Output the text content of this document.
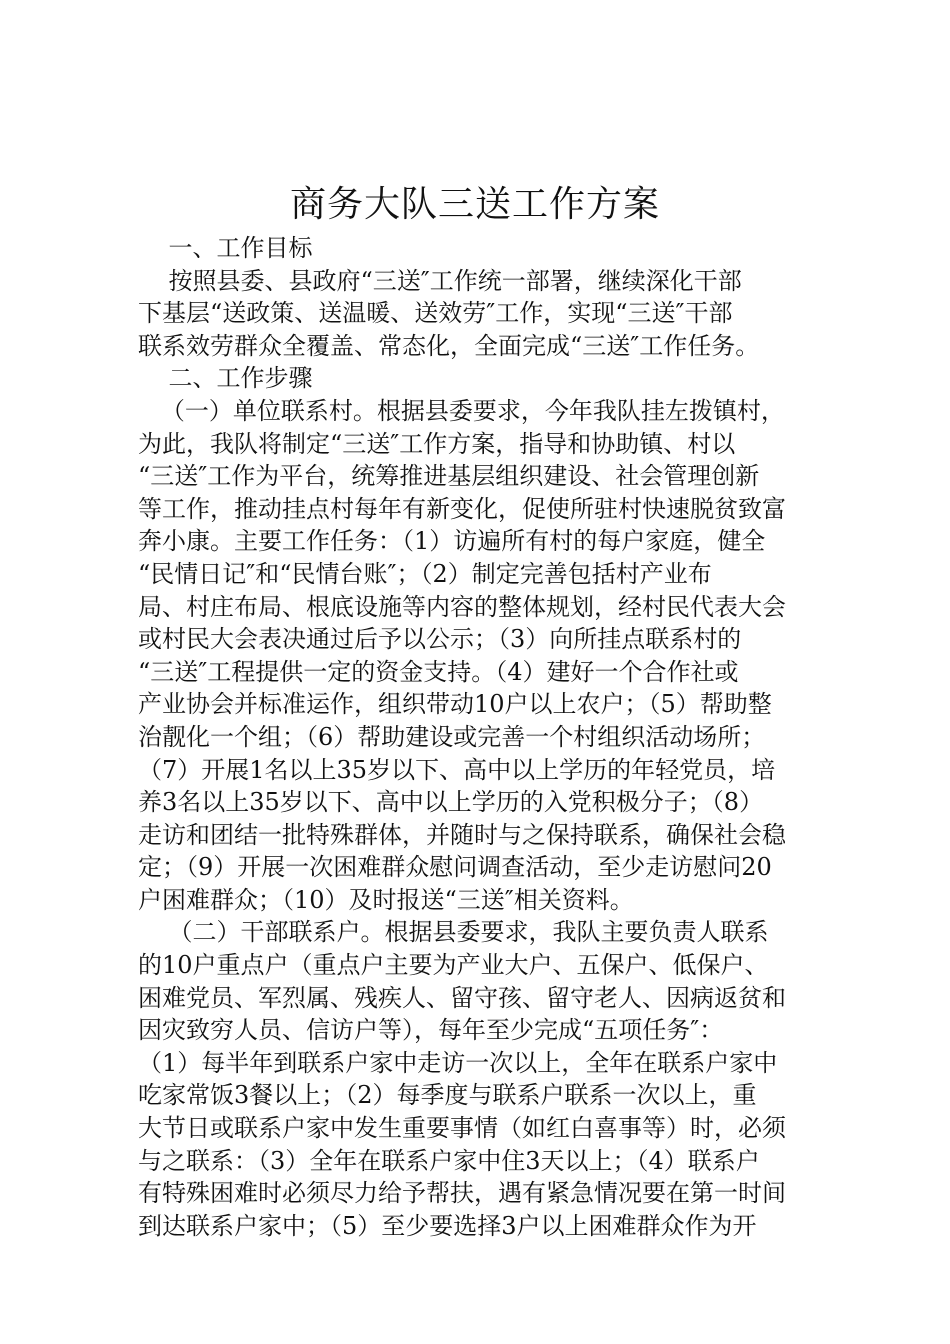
商务大队三送工作方案
一、工作目标
按照县委、县政府“三送″工作统一部署，继续深化干部
下基层“送政策、送温暖、送效劳″工作，实现“三送″干部
联系效劳群众全覆盖、常态化，全面完成“三送″工作任务。
二、工作步骤
（一）单位联系村。根据县委要求，今年我队挂左拨镇村，
为此，我队将制定“三送″工作方案，指导和协助镇、村以
“三送″工作为平台，统筹推进基层组织建设、社会管理创新
等工作，推动挂点村每年有新变化，促使所驻村快速脱贫致富
奔小康。主要工作任务：（1）访遍所有村的每户家庭，健全
“民情日记″和“民情台账″；（2）制定完善包括村产业布
局、村庄布局、根底设施等内容的整体规划，经村民代表大会
或村民大会表决通过后予以公示；（3）向所挂点联系村的
“三送″工程提供一定的资金支持。（4）建好一个合作社或
产业协会并标准运作，组织带动10户以上农户；（5）帮助整
治靓化一个组；（6）帮助建设或完善一个村组织活动场所；
（7）开展1名以上35岁以下、高中以上学历的年轻党员，培
养3名以上35岁以下、高中以上学历的入党积极分子；（8）
走访和团结一批特殊群体，并随时与之保持联系，确保社会稳
定；（9）开展一次困难群众慰问调查活动，至少走访慰问20
户困难群众；（10）及时报送“三送″相关资料。
（二）干部联系户。根据县委要求，我队主要负责人联系
的10户重点户（重点户主要为产业大户、五保户、低保户、
困难党员、军烈属、残疾人、留守孩、留守老人、因病返贫和
因灾致穷人员、信访户等），每年至少完成“五项任务″：
（1）每半年到联系户家中走访一次以上，全年在联系户家中
吃家常饭3餐以上；（2）每季度与联系户联系一次以上，重
大节日或联系户家中发生重要事情（如红白喜事等）时，必须
与之联系：（3）全年在联系户家中住3天以上；（4）联系户
有特殊困难时必须尽力给予帮扶，遇有紧急情况要在第一时间
到达联系户家中；（5）至少要选择3户以上困难群众作为开
